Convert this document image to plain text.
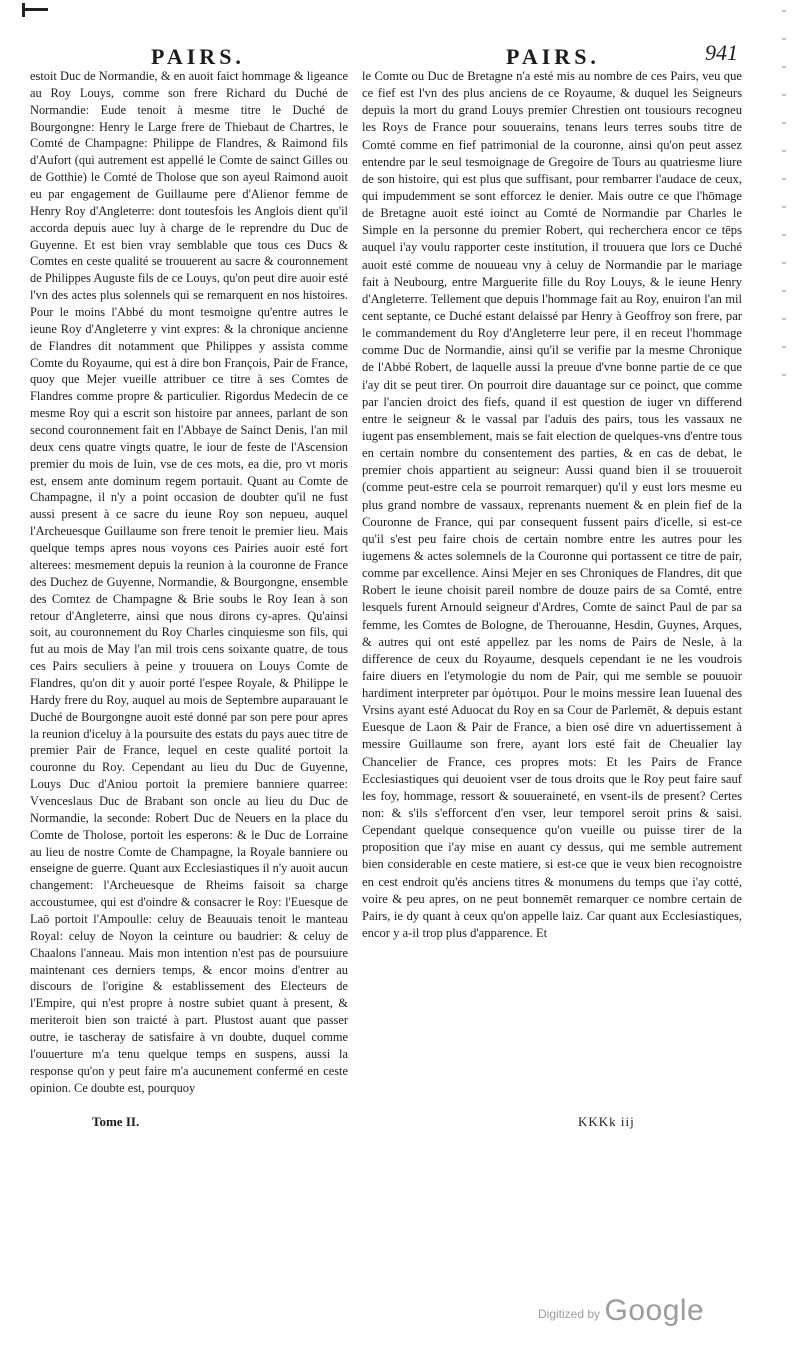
PAIRS.	PAIRS.	941

estoit Duc de Normandie, & en auoit faict hommage & ligeance au Roy Louys, comme son frere Richard du Duché de Normandie: Eude tenoit à mesme titre le Duché de Bourgongne: Henry le Large frere de Thiebaut de Chartres, le Comté de Champagne: Philippe de Flandres, & Raimond fils d'Aufort (qui autrement est appellé le Comte de sainct Gilles ou de Gotthie) le Comté de Tholose que son ayeul Raimond auoit eu par engagement de Guillaume pere d'Alienor femme de Henry Roy d'Angleterre: dont toutesfois les Anglois dient qu'il accorda depuis auec luy à charge de le reprendre du Duc de Guyenne. Et est bien vray semblable que tous ces Ducs & Comtes en ceste qualité se trouuerent au sacre & couronnement de Philippes Auguste fils de ce Louys, qu'on peut dire auoir esté l'vn des actes plus solennels qui se remarquent en nos histoires. Pour le moins l'Abbé du mont tesmoigne qu'entre autres le ieune Roy d'Angleterre y vint expres: & la chronique ancienne de Flandres dit notamment que Philippes y assista comme Comte du Royaume, qui est à dire bon François, Pair de France, quoy que Mejer vueille attribuer ce titre à ses Comtes de Flandres comme propre & particulier. Rigordus Medecin de ce mesme Roy qui a escrit son histoire par annees, parlant de son second couronnement fait en l'Abbaye de Sainct Denis, l'an mil deux cens quatre vingts quatre, le iour de feste de l'Ascension premier du mois de Iuin, vse de ces mots, ea die, pro vt moris est, ensem ante dominum regem portauit. Quant au Comte de Champagne, il n'y a point occasion de doubter qu'il ne fust aussi present à ce sacre du ieune Roy son nepueu, auquel l'Archeuesque Guillaume son frere tenoit le premier lieu. Mais quelque temps apres nous voyons ces Pairies auoir esté fort alterees: mesmement depuis la reunion à la couronne de France des Duchez de Guyenne, Normandie, & Bourgongne, ensemble des Comtez de Champagne & Brie soubs le Roy Iean à son retour d'Angleterre, ainsi que nous dirons cy-apres. Qu'ainsi soit, au couronnement du Roy Charles cinquiesme son fils, qui fut au mois de May l'an mil trois cens soixante quatre, de tous ces Pairs seculiers à peine y trouuera on Louys Comte de Flandres, qu'on dit y auoir porté l'espee Royale, & Philippe le Hardy frere du Roy, auquel au mois de Septembre auparauant le Duché de Bourgongne auoit esté donné par son pere pour apres la reunion d'iceluy à la poursuite des estats du pays auec titre de premier Pair de France, lequel en ceste qualité portoit la couronne du Roy. Cependant au lieu du Duc de Guyenne, Louys Duc d'Aniou portoit la premiere banniere quarree: Vvenceslaus Duc de Brabant son oncle au lieu du Duc de Normandie, la seconde: Robert Duc de Neuers en la place du Comte de Tholose, portoit les esperons: & le Duc de Lorraine au lieu de nostre Comte de Champagne, la Royale banniere ou enseigne de guerre. Quant aux Ecclesiastiques il n'y auoit aucun changement: l'Archeuesque de Rheims faisoit sa charge accoustumee, qui est d'oindre & consacrer le Roy: l'Euesque de Laō portoit l'Ampoulle: celuy de Beauuais tenoit le manteau Royal: celuy de Noyon la ceinture ou baudrier: & celuy de Chaalons l'anneau. Mais mon intention n'est pas de poursuiure maintenant ces derniers temps, & encor moins d'entrer au discours de l'origine & establissement des Electeurs de l'Empire, qui n'est propre à nostre subiet quant à present, & meriteroit bien son traicté à part. Plustost auant que passer outre, ie tascheray de satisfaire à vn doubte, duquel comme l'ouuerture m'a tenu quelque temps en suspens, aussi la response qu'on y peut faire m'a aucunement confermé en ceste opinion. Ce doubte est, pourquoy

le Comte ou Duc de Bretagne n'a esté mis au nombre de ces Pairs, veu que ce fief est l'vn des plus anciens de ce Royaume, & duquel les Seigneurs depuis la mort du grand Louys premier Chrestien ont tousiours recogneu les Roys de France pour souuerains, tenans leurs terres soubs titre de Comté comme en fief patrimonial de la couronne, ainsi qu'on peut assez entendre par le seul tesmoignage de Gregoire de Tours au quatriesme liure de son histoire, qui est plus que suffisant, pour rembarrer l'audace de ceux, qui impudemment se sont efforcez le denier. Mais outre ce que l'hōmage de Bretagne auoit esté ioinct au Comté de Normandie par Charles le Simple en la personne du premier Robert, qui recherchera encor ce tēps auquel i'ay voulu rapporter ceste institution, il trouuera que lors ce Duché auoit esté comme de nouueau vny à celuy de Normandie par le mariage fait à Neubourg, entre Marguerite fille du Roy Louys, & le ieune Henry d'Angleterre. Tellement que depuis l'hommage fait au Roy, enuiron l'an mil cent septante, ce Duché estant delaissé par Henry à Geoffroy son frere, par le commandement du Roy d'Angleterre leur pere, il en receut l'hommage comme Duc de Normandie, ainsi qu'il se verifie par la mesme Chronique de l'Abbé Robert, de laquelle aussi la preuue d'vne bonne partie de ce que i'ay dit se peut tirer. On pourroit dire dauantage sur ce poinct, que comme par l'ancien droict des fiefs, quand il est question de iuger vn differend entre le seigneur & le vassal par l'aduis des pairs, tous les vassaux ne iugent pas ensemblement, mais se fait election de quelques-vns d'entre tous en certain nombre du consentement des parties, & en cas de debat, le premier chois appartient au seigneur: Aussi quand bien il se trouueroit (comme peut-estre cela se pourroit remarquer) qu'il y eust lors mesme eu plus grand nombre de vassaux, reprenants nuement & en plein fief de la Couronne de France, qui par consequent fussent pairs d'icelle, si est-ce qu'il s'est peu faire chois de certain nombre entre les autres pour les iugemens & actes solemnels de la Couronne qui portassent ce titre de pair, comme par excellence. Ainsi Mejer en ses Chroniques de Flandres, dit que Robert le ieune choisit pareil nombre de douze pairs de sa Comté, entre lesquels furent Arnould seigneur d'Ardres, Comte de sainct Paul de par sa femme, les Comtes de Bologne, de Therouanne, Hesdin, Guynes, Arques, & autres qui ont esté appellez par les noms de Pairs de Nesle, à la difference de ceux du Royaume, desquels cependant ie ne les voudrois faire diuers en l'etymologie du nom de Pair, qui me semble se pouuoir hardiment interpreter par ὁμότιμοι. Pour le moins messire Iean Iuuenal des Vrsins ayant esté Aduocat du Roy en sa Cour de Parlemēt, & depuis estant Euesque de Laon & Pair de France, a bien osé dire vn aduertissement à messire Guillaume son frere, ayant lors esté fait de Cheualier lay Chancelier de France, ces propres mots: Et les Pairs de France Ecclesiastiques qui deuoient vser de tous droits que le Roy peut faire sauf les foy, hommage, ressort & souueraineté, en vsent-ils de present? Certes non: & s'ils s'efforcent d'en vser, leur temporel seroit prins & saisi. Cependant quelque consequence qu'on vueille ou puisse tirer de la proposition que i'ay mise en auant cy dessus, qui me semble autrement bien considerable en ceste matiere, si est-ce que ie veux bien recognoistre en cest endroit qu'és anciens titres & monumens du temps que i'ay cotté, voire & peu apres, on ne peut bonnemēt remarquer ce nombre certain de Pairs, ie dy quant à ceux qu'on appelle laiz. Car quant aux Ecclesiastiques, encor y a-il trop plus d'apparence. Et

Tome II.	KKKk iij
Digitized by Google
